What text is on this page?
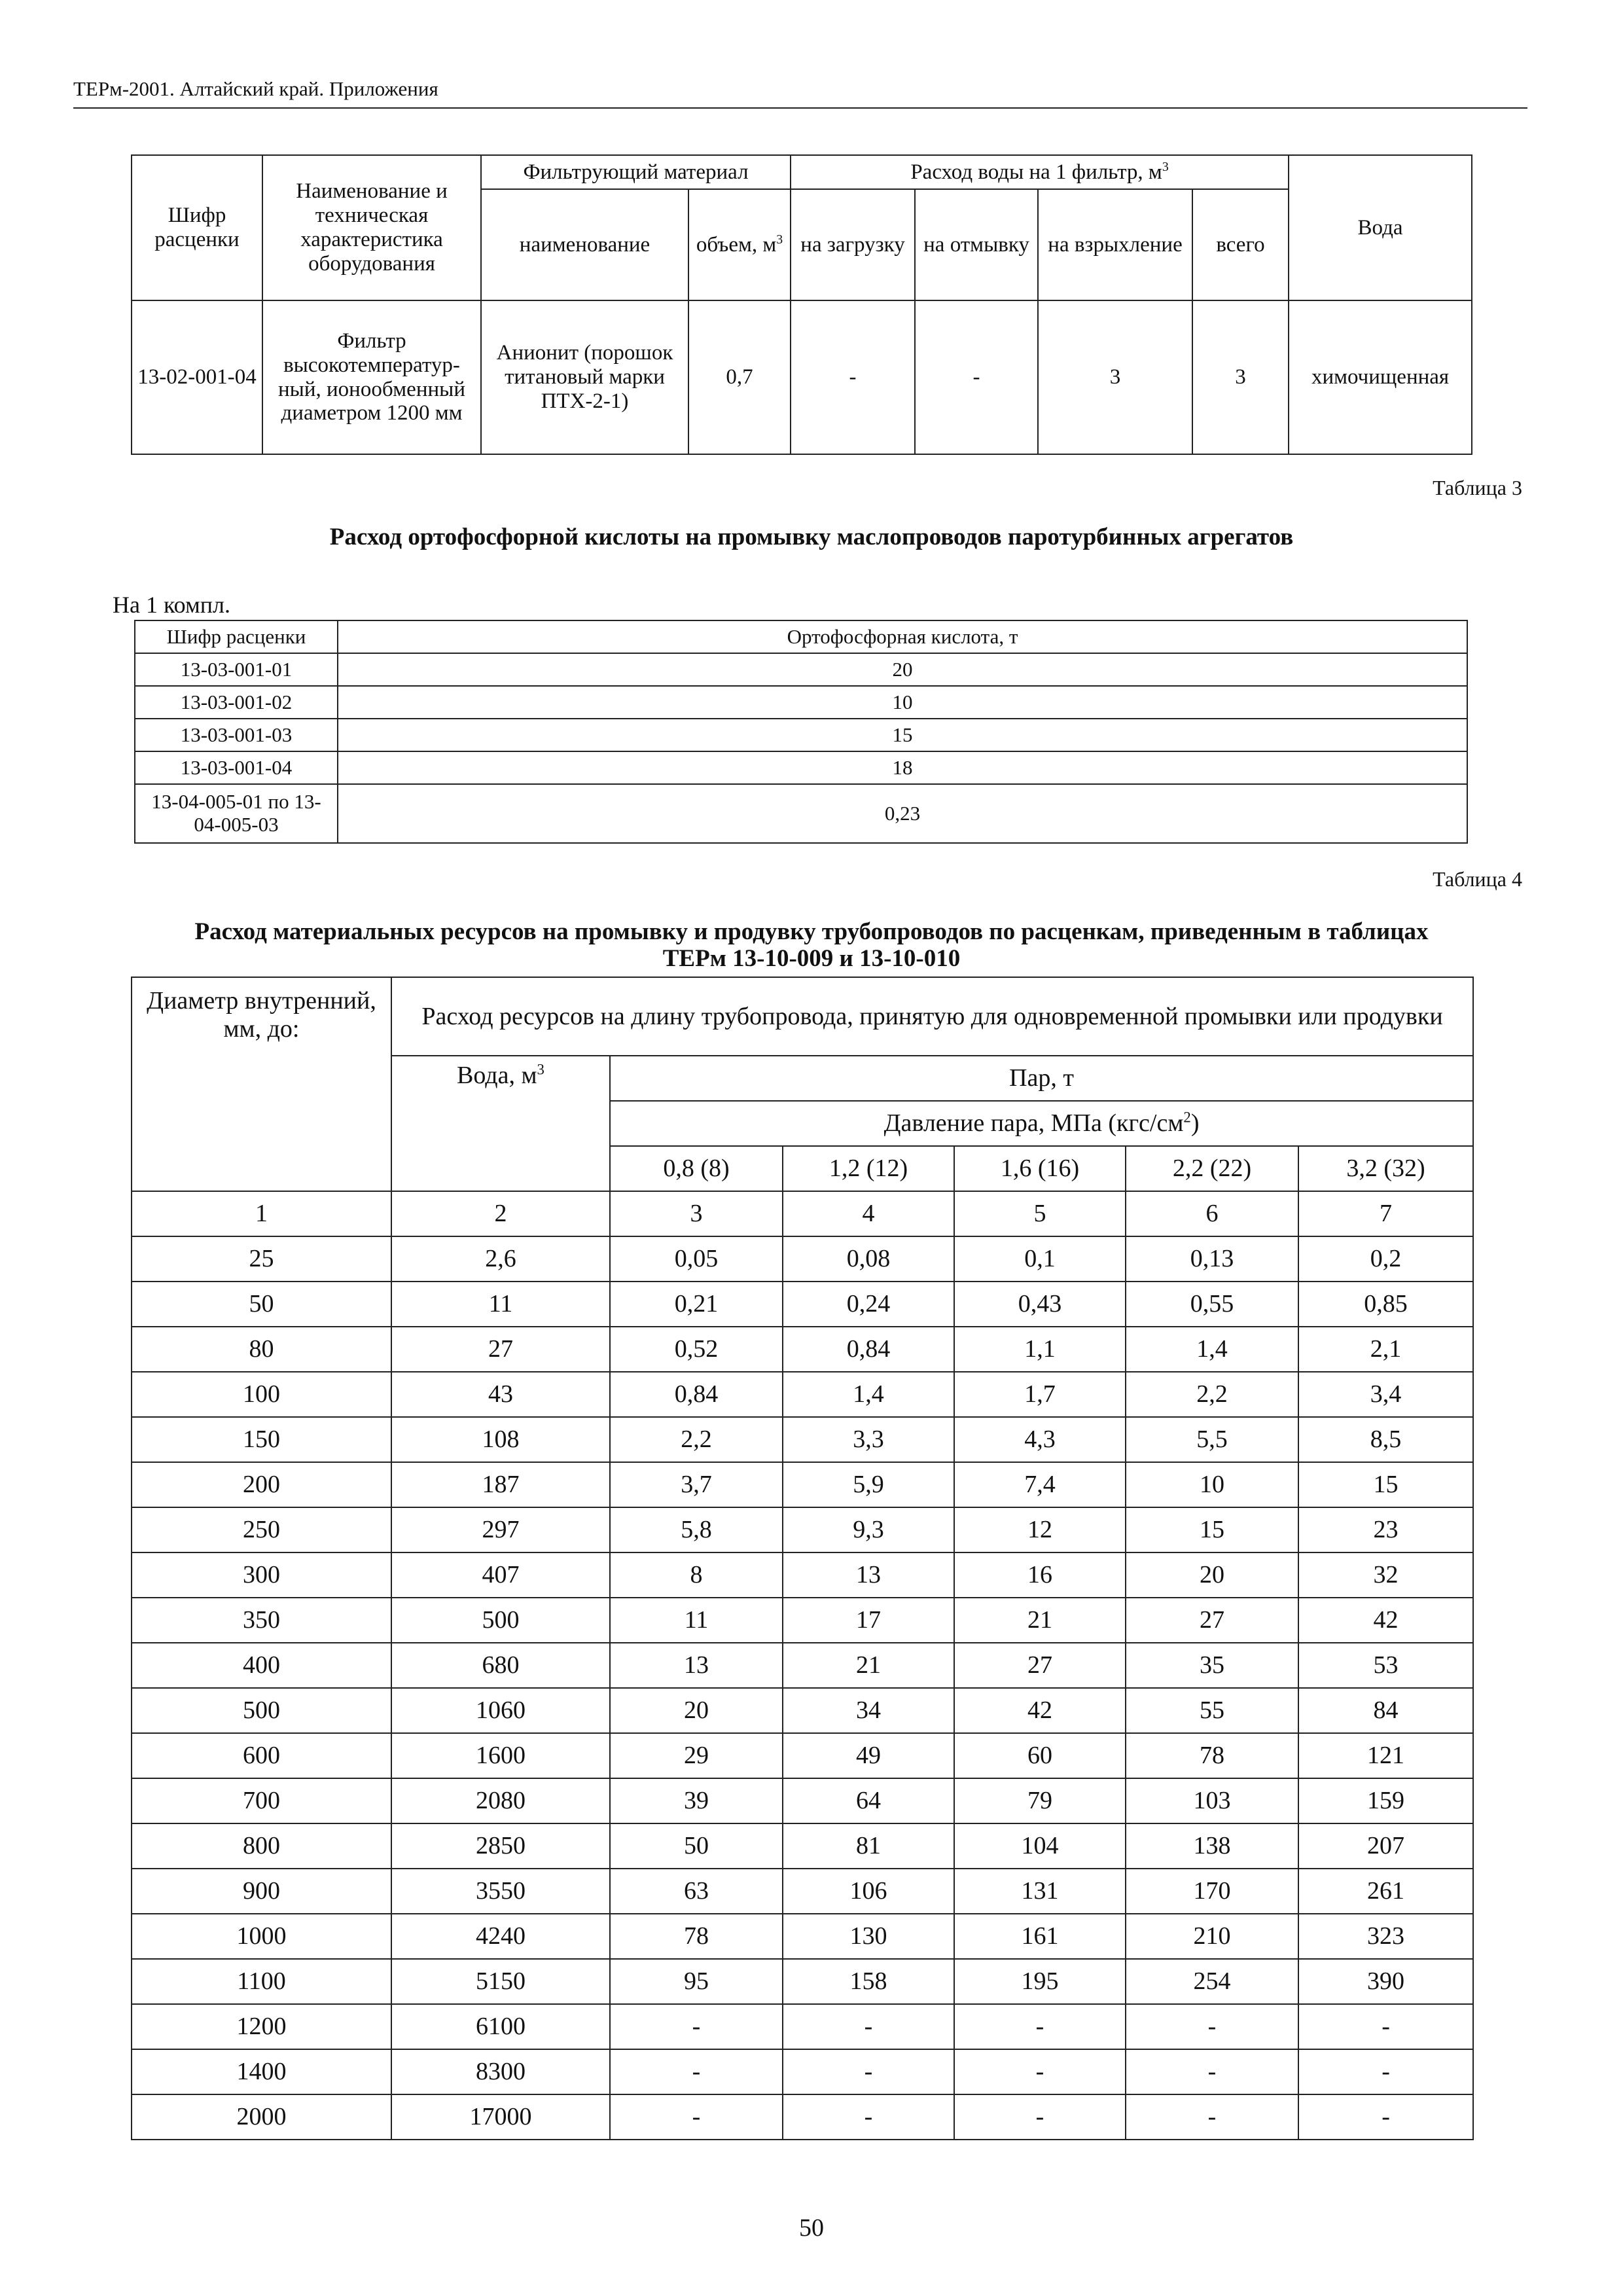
ТЕРм-2001. Алтайский край. Приложения
Шифр расценки	Наименование и техническая характеристика оборудования	Фильтрующий материал		Расход воды на 1 фильтр, $м^3$				Вода
		наименование	объем, $м^3$	на загрузку	на отмывку	на взрыхление	всего	
13-02-001-04	Фильтр высокотемператур-ный, ионообменный диаметром 1200 мм	Анионит (порошок титановый марки ПТХ-2-1)	0,7	-	-	3	3	химочищенная
Таблица 3
Расход ортофосфорной кислоты на промывку маслопроводов паротурбинных агрегатов
На 1 компл.
Шифр расценки	Ортофосфорная кислота, т
13-03-001-01	20
13-03-001-02	10
13-03-001-03	15
13-03-001-04	18
13-04-005-01 по 13-04-005-03	0,23
Таблица 4
Расход материальных ресурсов на промывку и продувку трубопроводов по расценкам, приведенным в таблицах
ТЕРм 13-10-009 и 13-10-010
Диаметр внутренний, мм, до:	Расход ресурсов на длину трубопровода, принятую для одновременной промывки или продувки					
	Вода, $м^3$	Пар, т				
		Давление пара, МПа $(кгс/см^2)$				
		0,8 (8)	1,2 (12)	1,6 (16)	2,2 (22)	3,2 (32)
1	2	3	4	5	6	7
25	2,6	0,05	0,08	0,1	0,13	0,2
50	11	0,21	0,24	0,43	0,55	0,85
80	27	0,52	0,84	1,1	1,4	2,1
100	43	0,84	1,4	1,7	2,2	3,4
150	108	2,2	3,3	4,3	5,5	8,5
200	187	3,7	5,9	7,4	10	15
250	297	5,8	9,3	12	15	23
300	407	8	13	16	20	32
350	500	11	17	21	27	42
400	680	13	21	27	35	53
500	1060	20	34	42	55	84
600	1600	29	49	60	78	121
700	2080	39	64	79	103	159
800	2850	50	81	104	138	207
900	3550	63	106	131	170	261
1000	4240	78	130	161	210	323
1100	5150	95	158	195	254	390
1200	6100	-	-	-	-	-
1400	8300	-	-	-	-	-
2000	17000	-	-	-	-	-
50
